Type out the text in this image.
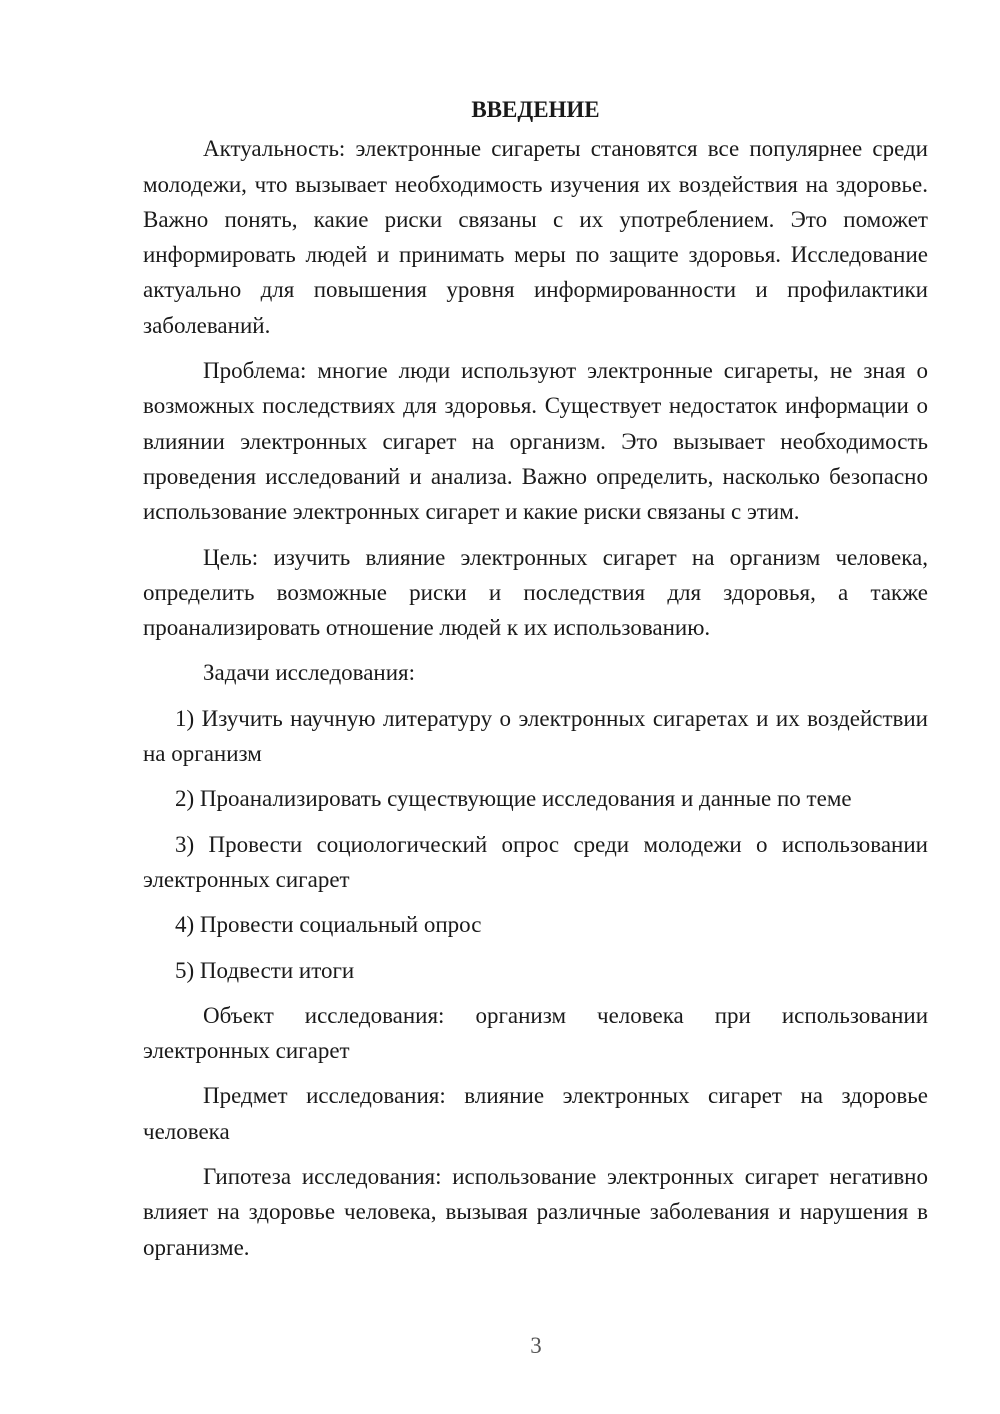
ВВЕДЕНИЕ

Актуальность: электронные сигареты становятся все популярнее среди молодежи, что вызывает необходимость изучения их воздействия на здоровье. Важно понять, какие риски связаны с их употреблением. Это поможет информировать людей и принимать меры по защите здоровья. Исследование актуально для повышения уровня информированности и профилактики заболеваний.

Проблема: многие люди используют электронные сигареты, не зная о возможных последствиях для здоровья. Существует недостаток информации о влиянии электронных сигарет на организм. Это вызывает необходимость проведения исследований и анализа. Важно определить, насколько безопасно использование электронных сигарет и какие риски связаны с этим.

Цель: изучить влияние электронных сигарет на организм человека, определить возможные риски и последствия для здоровья, а также проанализировать отношение людей к их использованию.

Задачи исследования:

1) Изучить научную литературу о электронных сигаретах и их воздействии на организм

2) Проанализировать существующие исследования и данные по теме

3) Провести социологический опрос среди молодежи о использовании электронных сигарет

4) Провести социальный опрос

5) Подвести итоги

Объект исследования: организм человека при использовании электронных сигарет

Предмет исследования: влияние электронных сигарет на здоровье человека

Гипотеза исследования: использование электронных сигарет негативно влияет на здоровье человека, вызывая различные заболевания и нарушения в организме.

3
